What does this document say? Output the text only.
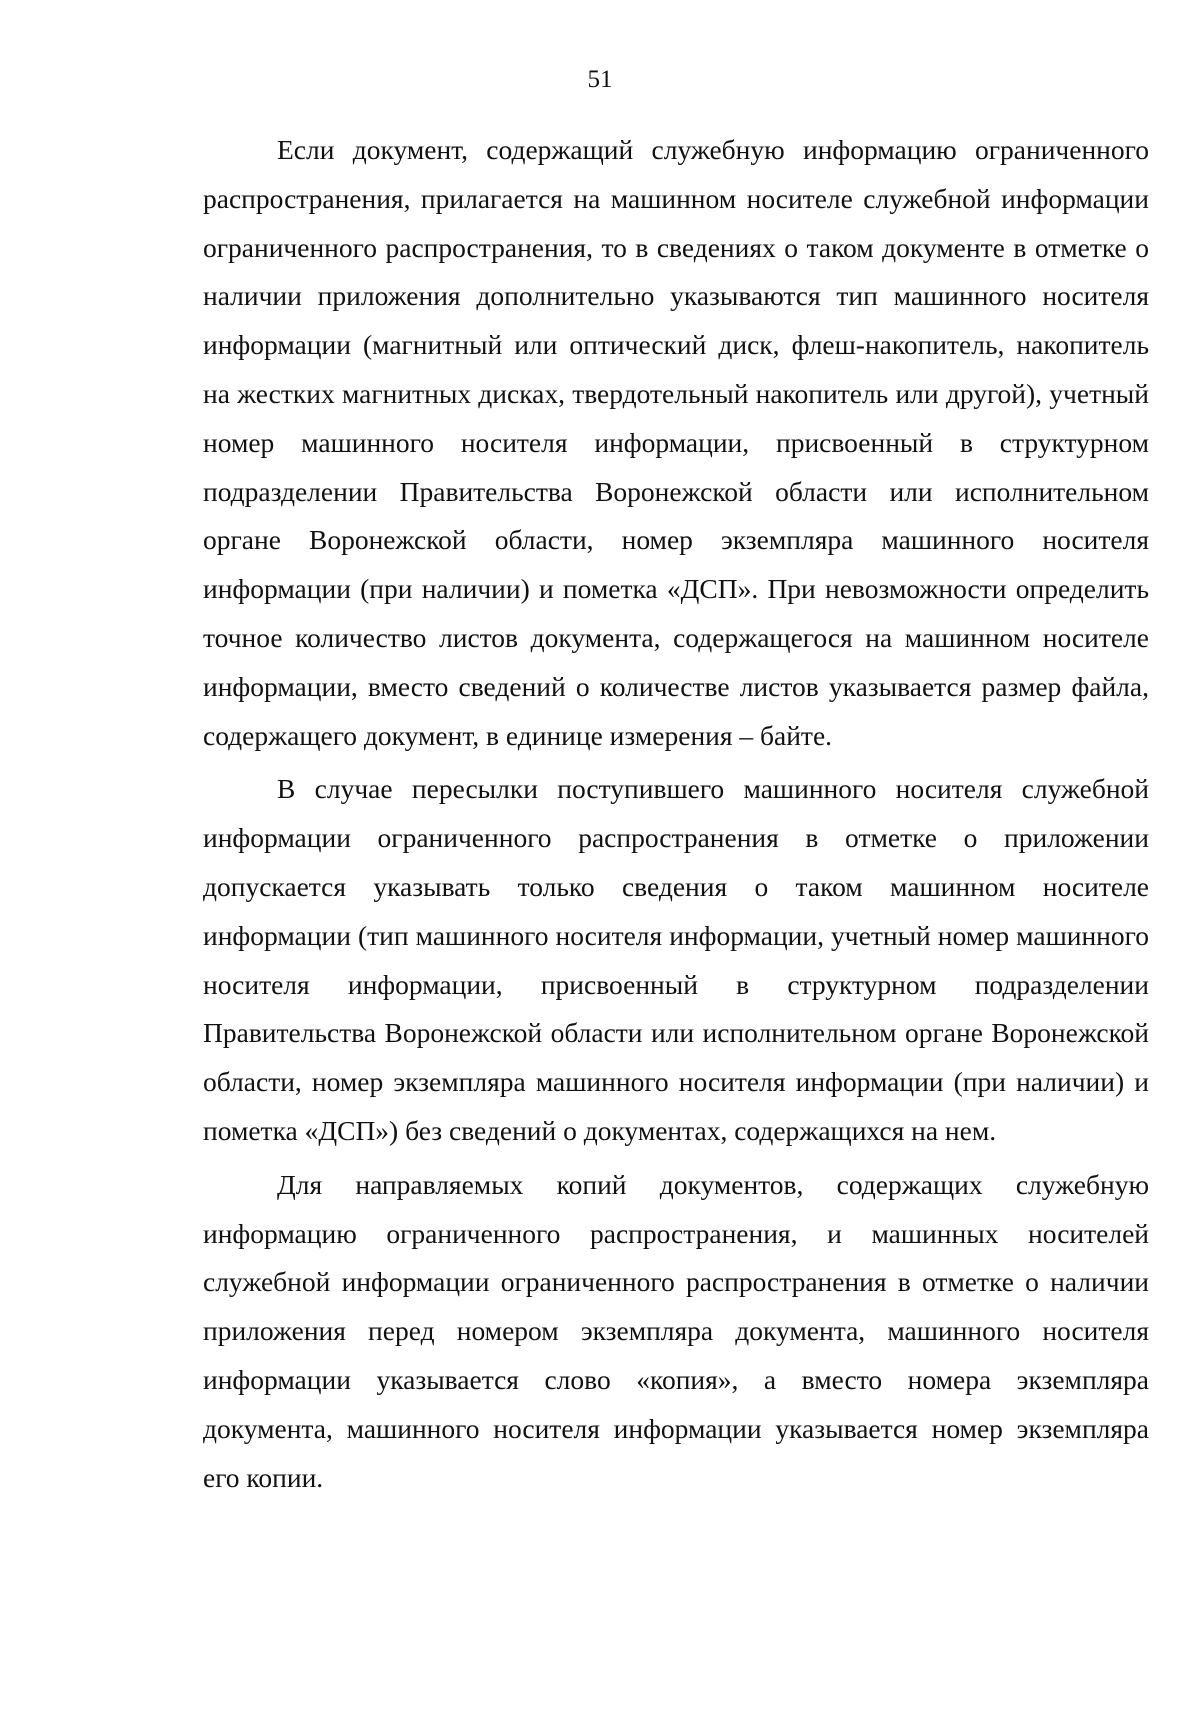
51

Если документ, содержащий служебную информацию ограниченного распространения, прилагается на машинном носителе служебной информации ограниченного распространения, то в сведениях о таком документе в отметке о наличии приложения дополнительно указываются тип машинного носителя информации (магнитный или оптический диск, флеш-накопитель, накопитель на жестких магнитных дисках, твердотельный накопитель или другой), учетный номер машинного носителя информации, присвоенный в структурном подразделении Правительства Воронежской области или исполнительном органе Воронежской области, номер экземпляра машинного носителя информации (при наличии) и пометка «ДСП». При невозможности определить точное количество листов документа, содержащегося на машинном носителе информации, вместо сведений о количестве листов указывается размер файла, содержащего документ, в единице измерения – байте.

В случае пересылки поступившего машинного носителя служебной информации ограниченного распространения в отметке о приложении допускается указывать только сведения о таком машинном носителе информации (тип машинного носителя информации, учетный номер машинного носителя информации, присвоенный в структурном подразделении Правительства Воронежской области или исполнительном органе Воронежской области, номер экземпляра машинного носителя информации (при наличии) и пометка «ДСП») без сведений о документах, содержащихся на нем.

Для направляемых копий документов, содержащих служебную информацию ограниченного распространения, и машинных носителей служебной информации ограниченного распространения в отметке о наличии приложения перед номером экземпляра документа, машинного носителя информации указывается слово «копия», а вместо номера экземпляра документа, машинного носителя информации указывается номер экземпляра его копии.
